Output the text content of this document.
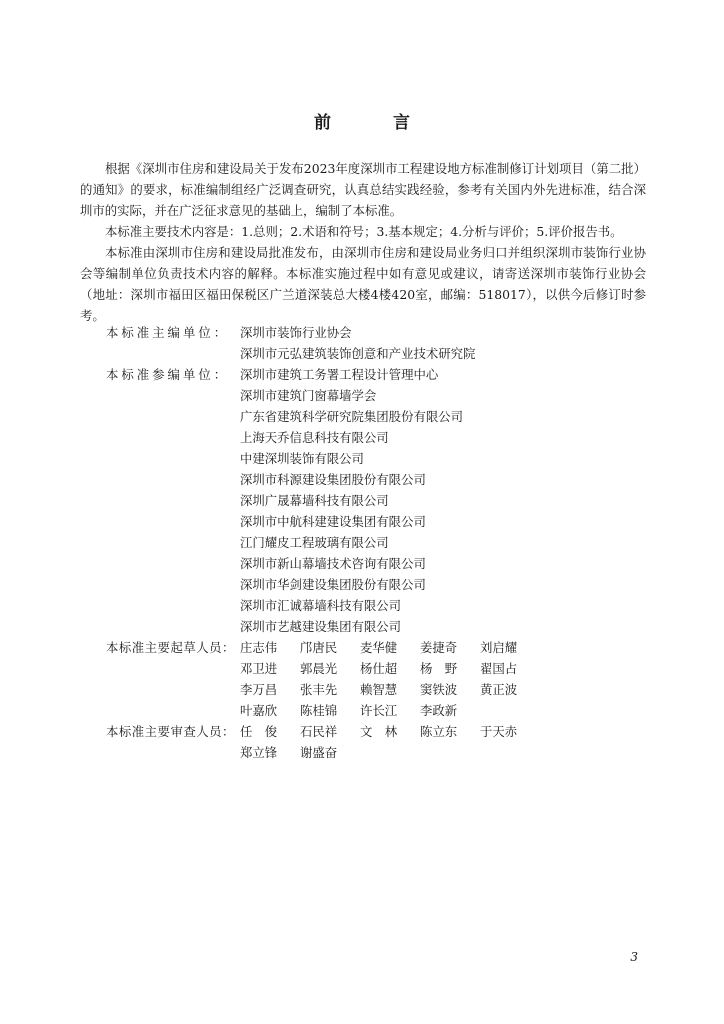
前 言

根据《深圳市住房和建设局关于发布2023年度深圳市工程建设地方标准制修订计划项目（第二批）的通知》的要求，标准编制组经广泛调查研究，认真总结实践经验，参考有关国内外先进标准，结合深圳市的实际，并在广泛征求意见的基础上，编制了本标准。

本标准主要技术内容是：1.总则；2.术语和符号；3.基本规定；4.分析与评价；5.评价报告书。

本标准由深圳市住房和建设局批准发布，由深圳市住房和建设局业务归口并组织深圳市装饰行业协会等编制单位负责技术内容的解释。本标准实施过程中如有意见或建议，请寄送深圳市装饰行业协会（地址：深圳市福田区福田保税区广兰道深装总大楼4楼420室，邮编：518017），以供今后修订时参考。

本标准主编单位： 深圳市装饰行业协会
深圳市元弘建筑装饰创意和产业技术研究院
本标准参编单位： 深圳市建筑工务署工程设计管理中心
深圳市建筑门窗幕墙学会
广东省建筑科学研究院集团股份有限公司
上海天乔信息科技有限公司
中建深圳装饰有限公司
深圳市科源建设集团股份有限公司
深圳广晟幕墙科技有限公司
深圳市中航科建建设集团有限公司
江门耀皮工程玻璃有限公司
深圳市新山幕墙技术咨询有限公司
深圳市华剑建设集团股份有限公司
深圳市汇诚幕墙科技有限公司
深圳市艺越建设集团有限公司
本标准主要起草人员： 庄志伟 邝唐民 麦华健 姜捷奇 刘启耀
邓卫进 郭晨光 杨仕超 杨　野 翟国占
李万昌 张丰先 赖智慧 窦铁波 黄正波
叶嘉欣 陈桂锦 许长江 李政新
本标准主要审查人员： 任　俊 石民祥 文　林 陈立东 于天赤
郑立锋 谢盛奋
3
